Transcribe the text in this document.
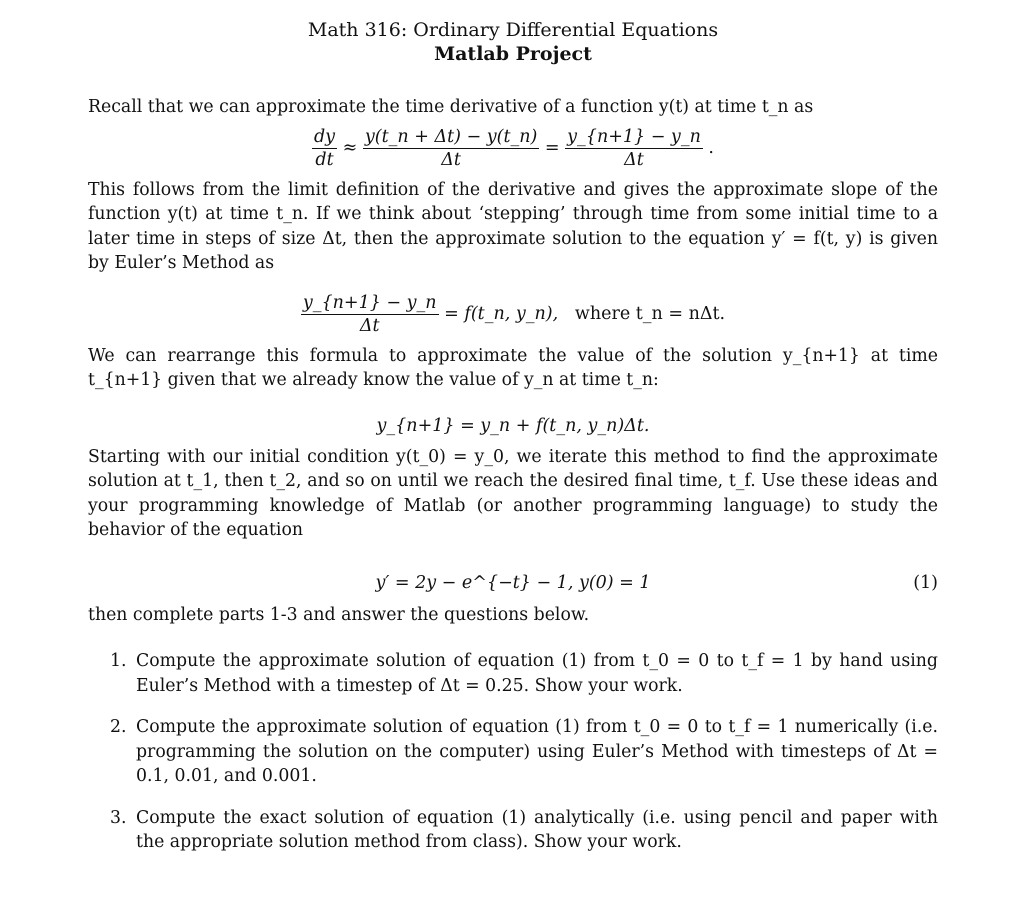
Math 316: Ordinary Differential Equations
Matlab Project

Recall that we can approximate the time derivative of a function y(t) at time t_n as

$\frac{dy}{dt} \approx \frac{y(t\_n + \Delta t) - y(t\_n)}{\Delta t} = \frac{y\_\{n+1\} - y\_n}{\Delta t}$ .

This follows from the limit definition of the derivative and gives the approximate slope of the function y(t) at time t_n. If we think about ‘stepping’ through time from some initial time to a later time in steps of size Δt, then the approximate solution to the equation y′ = f(t, y) is given by Euler’s Method as

$\frac{y\_\{n+1\} - y\_n}{\Delta t}$ = f(t_n, y_n), where t_n = nΔt.

We can rearrange this formula to approximate the value of the solution y_{n+1} at time t_{n+1} given that we already know the value of y_n at time t_n:

y_{n+1} = y_n + f(t_n, y_n)Δt.

Starting with our initial condition y(t_0) = y_0, we iterate this method to find the approximate solution at t_1, then t_2, and so on until we reach the desired final time, t_f. Use these ideas and your programming knowledge of Matlab (or another programming language) to study the behavior of the equation

y′ = 2y − e^{−t} − 1, y(0) = 1	(1)

then complete parts 1-3 and answer the questions below.

1. Compute the approximate solution of equation (1) from t_0 = 0 to t_f = 1 by hand using Euler’s Method with a timestep of Δt = 0.25. Show your work.
2. Compute the approximate solution of equation (1) from t_0 = 0 to t_f = 1 numerically (i.e. programming the solution on the computer) using Euler’s Method with timesteps of Δt = 0.1, 0.01, and 0.001.
3. Compute the exact solution of equation (1) analytically (i.e. using pencil and paper with the appropriate solution method from class). Show your work.
